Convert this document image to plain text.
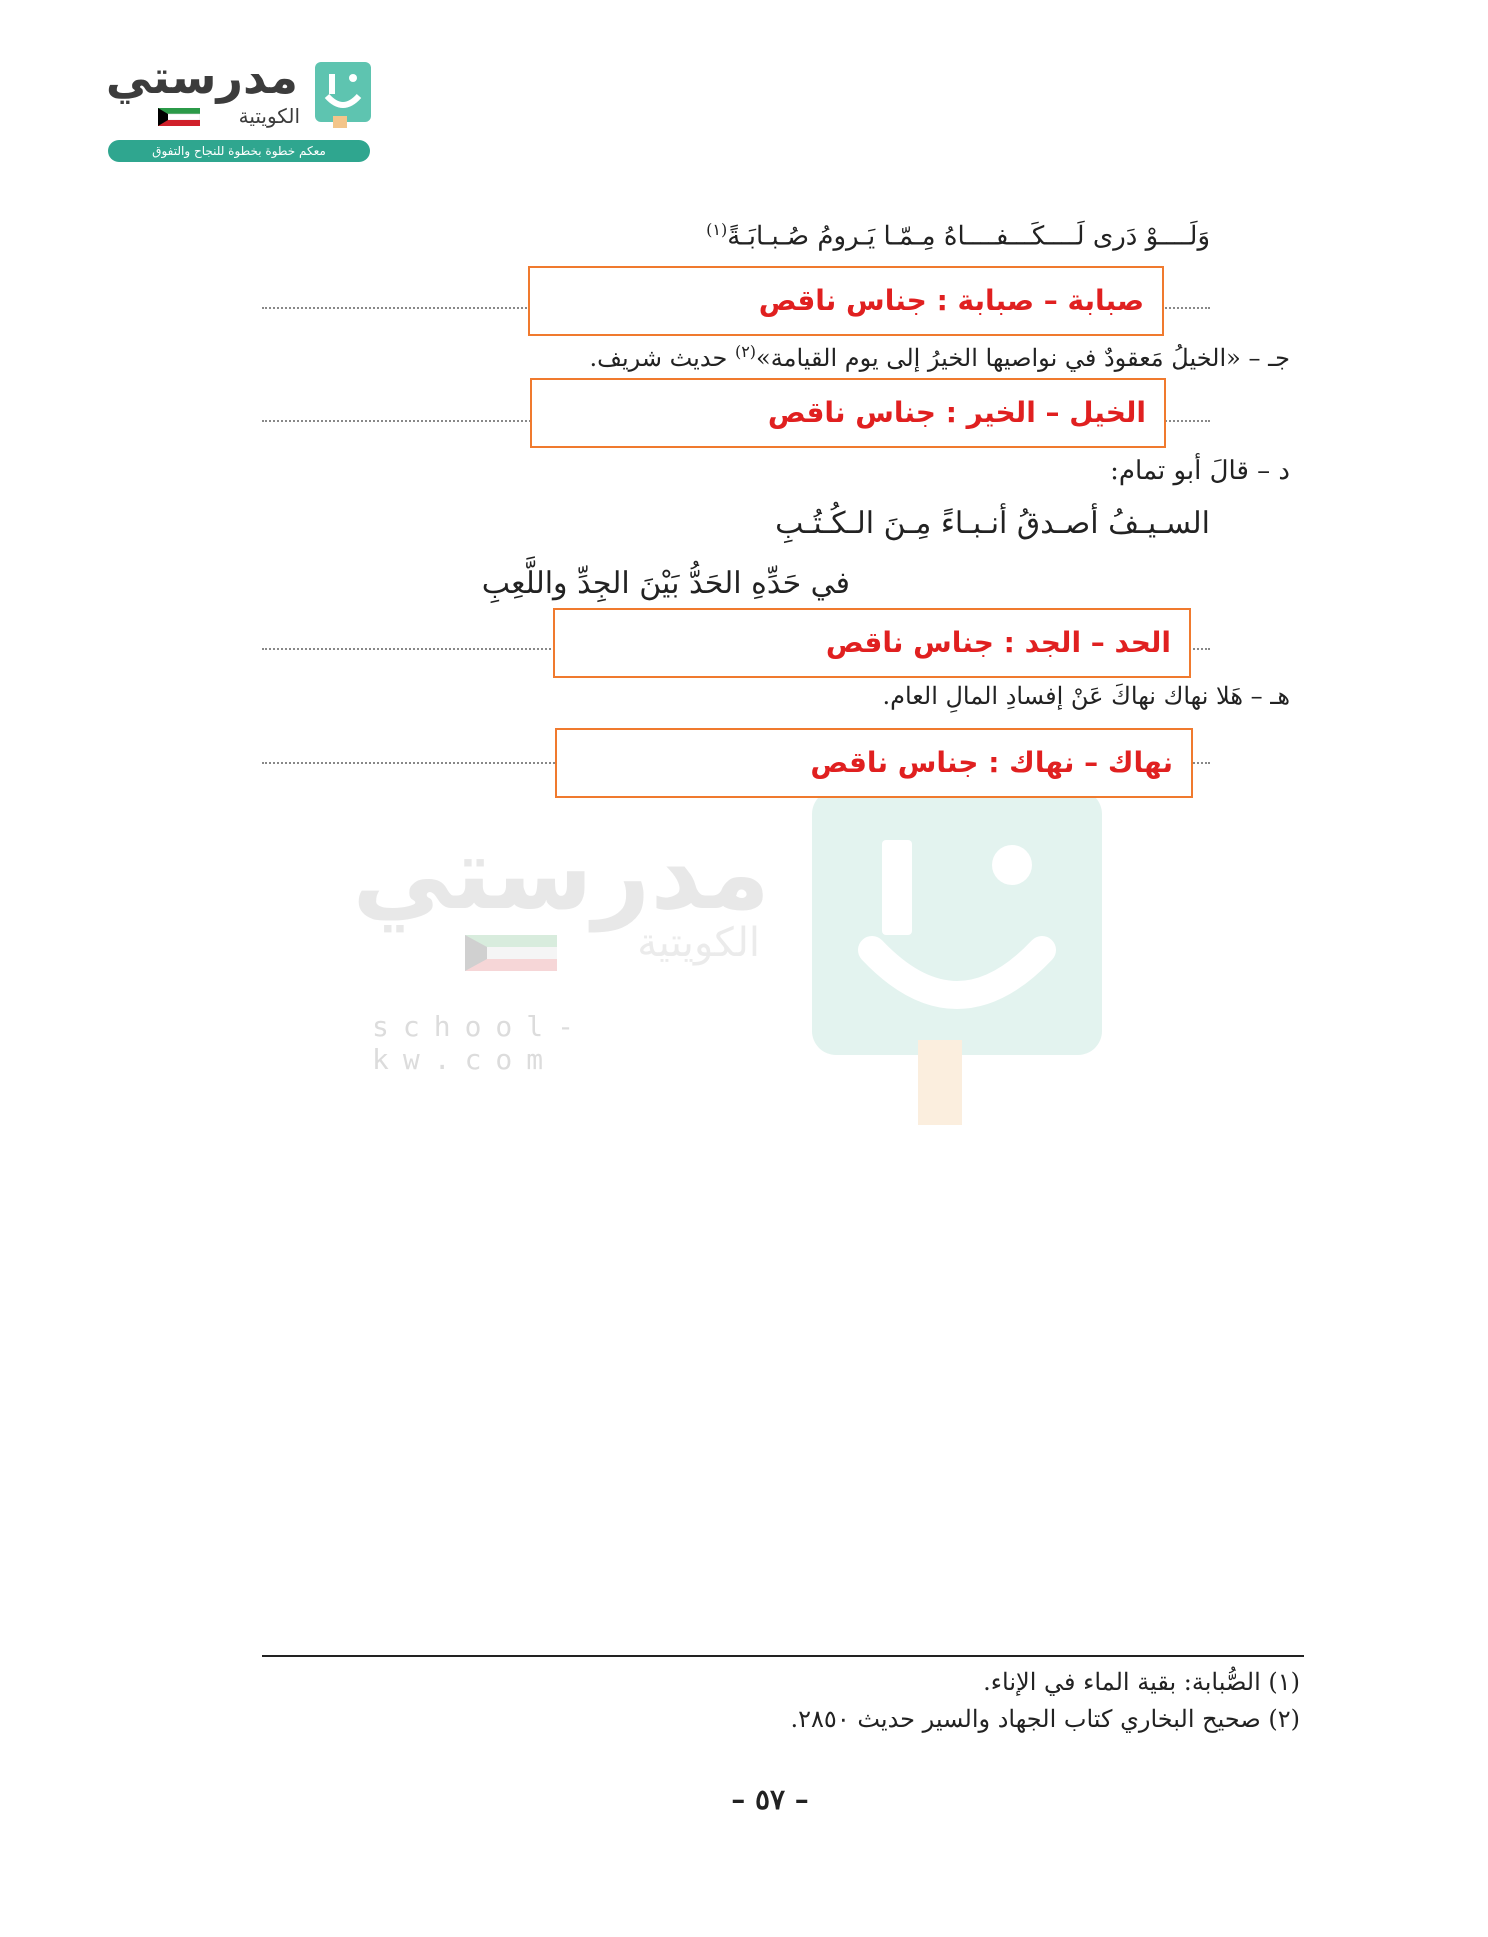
مدرستي
الكويتية
معكم خطوة بخطوة للنجاح والتفوق
مدرستي
الكويتية
school-kw.com
وَلَــــوْ دَرى لَــــكَـــفــــاهُ مِـمّـا يَـرومُ صُـبـابَـةً$^{(١)}$
صبابة – صبابة : جناس ناقص
جـ – «الخيلُ مَعقودٌ في نواصيها الخيرُ إلى يوم القيامة»$^{(٢)}$ حديث شريف.
الخيل – الخير : جناس ناقص
د – قالَ أبو تمام:
السـيـفُ أصـدقُ أنـبـاءً مِـنَ الـكُـتُـبِ
في حَدِّهِ الحَدُّ بَيْنَ الجِدِّ واللَّعِبِ
الحد – الجد : جناس ناقص
هـ – هَلا نهاك نهاكَ عَنْ إفسادِ المالِ العام.
نهاك – نهاك : جناس ناقص
(١) الصُّبابة: بقية الماء في الإناء.
(٢) صحيح البخاري كتاب الجهاد والسير حديث ٢٨٥٠.
– ٥٧ –
